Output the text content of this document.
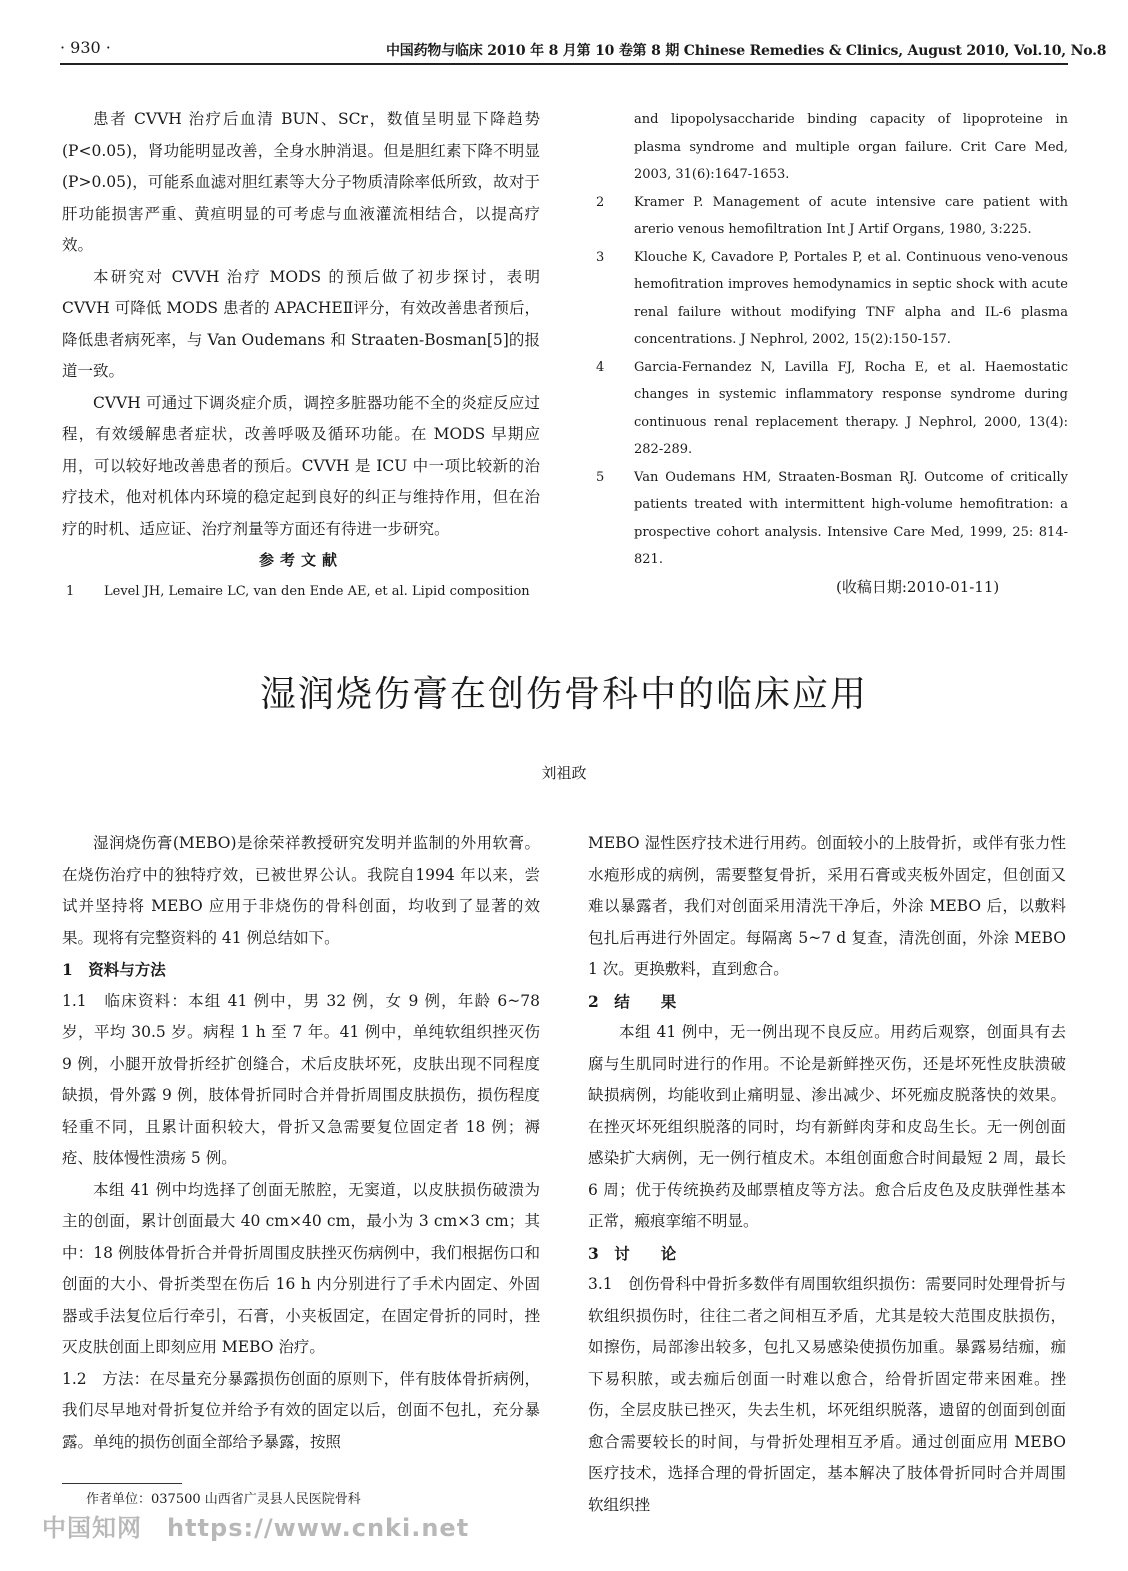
· 930 ·	中国药物与临床 2010 年 8 月第 10 卷第 8 期 Chinese Remedies & Clinics, August 2010, Vol.10, No.8

患者 CVVH 治疗后血清 BUN、SCr，数值呈明显下降趋势(P<0.05)，肾功能明显改善，全身水肿消退。但是胆红素下降不明显(P>0.05)，可能系血滤对胆红素等大分子物质清除率低所致，故对于肝功能损害严重、黄疸明显的可考虑与血液灌流相结合，以提高疗效。

本研究对 CVVH 治疗 MODS 的预后做了初步探讨，表明 CVVH 可降低 MODS 患者的 APACHEⅡ评分，有效改善患者预后，降低患者病死率，与 Van Oudemans 和 Straaten-Bosman[5]的报道一致。

CVVH 可通过下调炎症介质，调控多脏器功能不全的炎症反应过程，有效缓解患者症状，改善呼吸及循环功能。在 MODS 早期应用，可以较好地改善患者的预后。CVVH 是 ICU 中一项比较新的治疗技术，他对机体内环境的稳定起到良好的纠正与维持作用，但在治疗的时机、适应证、治疗剂量等方面还有待进一步研究。

参考文献
1	Level JH, Lemaire LC, van den Ende AE, et al. Lipid composition
and lipopolysaccharide binding capacity of lipoproteine in plasma syndrome and multiple organ failure. Crit Care Med, 2003, 31(6):1647-1653.
2	Kramer P. Management of acute intensive care patient with arerio venous hemofiltration Int J Artif Organs, 1980, 3:225.
3	Klouche K, Cavadore P, Portales P, et al. Continuous veno-venous hemofitration improves hemodynamics in septic shock with acute renal failure without modifying TNF alpha and IL-6 plasma concentrations. J Nephrol, 2002, 15(2):150-157.
4	Garcia-Fernandez N, Lavilla FJ, Rocha E, et al. Haemostatic changes in systemic inflammatory response syndrome during continuous renal replacement therapy. J Nephrol, 2000, 13(4): 282-289.
5	Van Oudemans HM, Straaten-Bosman RJ. Outcome of critically patients treated with intermittent high-volume hemofitration: a prospective cohort analysis. Intensive Care Med, 1999, 25: 814-821.
(收稿日期:2010-01-11)
湿润烧伤膏在创伤骨科中的临床应用
刘祖政

湿润烧伤膏(MEBO)是徐荣祥教授研究发明并监制的外用软膏。在烧伤治疗中的独特疗效，已被世界公认。我院自1994 年以来，尝试并坚持将 MEBO 应用于非烧伤的骨科创面，均收到了显著的效果。现将有完整资料的 41 例总结如下。

1　资料与方法

1.1　临床资料：本组 41 例中，男 32 例，女 9 例，年龄 6~78 岁，平均 30.5 岁。病程 1 h 至 7 年。41 例中，单纯软组织挫灭伤 9 例，小腿开放骨折经扩创缝合，术后皮肤坏死，皮肤出现不同程度缺损，骨外露 9 例，肢体骨折同时合并骨折周围皮肤损伤，损伤程度轻重不同，且累计面积较大，骨折又急需要复位固定者 18 例；褥疮、肢体慢性溃疡 5 例。

本组 41 例中均选择了创面无脓腔，无窦道，以皮肤损伤破溃为主的创面，累计创面最大 40 cm×40 cm，最小为 3 cm×3 cm；其中：18 例肢体骨折合并骨折周围皮肤挫灭伤病例中，我们根据伤口和创面的大小、骨折类型在伤后 16 h 内分别进行了手术内固定、外固器或手法复位后行牵引，石膏，小夹板固定，在固定骨折的同时，挫灭皮肤创面上即刻应用 MEBO 治疗。

1.2　方法：在尽量充分暴露损伤创面的原则下，伴有肢体骨折病例，我们尽早地对骨折复位并给予有效的固定以后，创面不包扎，充分暴露。单纯的损伤创面全部给予暴露，按照

MEBO 湿性医疗技术进行用药。创面较小的上肢骨折，或伴有张力性水疱形成的病例，需要整复骨折，采用石膏或夹板外固定，但创面又难以暴露者，我们对创面采用清洗干净后，外涂 MEBO 后，以敷料包扎后再进行外固定。每隔离 5~7 d 复查，清洗创面，外涂 MEBO 1 次。更换敷料，直到愈合。

2　结　　果

本组 41 例中，无一例出现不良反应。用药后观察，创面具有去腐与生肌同时进行的作用。不论是新鲜挫灭伤，还是坏死性皮肤溃破缺损病例，均能收到止痛明显、渗出减少、坏死痂皮脱落快的效果。在挫灭坏死组织脱落的同时，均有新鲜肉芽和皮岛生长。无一例创面感染扩大病例，无一例行植皮术。本组创面愈合时间最短 2 周，最长 6 周；优于传统换药及邮票植皮等方法。愈合后皮色及皮肤弹性基本正常，瘢痕挛缩不明显。

3　讨　　论

3.1　创伤骨科中骨折多数伴有周围软组织损伤：需要同时处理骨折与软组织损伤时，往往二者之间相互矛盾，尤其是较大范围皮肤损伤，如擦伤，局部渗出较多，包扎又易感染使损伤加重。暴露易结痂，痂下易积脓，或去痂后创面一时难以愈合，给骨折固定带来困难。挫伤，全层皮肤已挫灭，失去生机，坏死组织脱落，遗留的创面到创面愈合需要较长的时间，与骨折处理相互矛盾。通过创面应用 MEBO 医疗技术，选择合理的骨折固定，基本解决了肢体骨折同时合并周围软组织挫

作者单位：037500 山西省广灵县人民医院骨科
中国知网　https://www.cnki.net
